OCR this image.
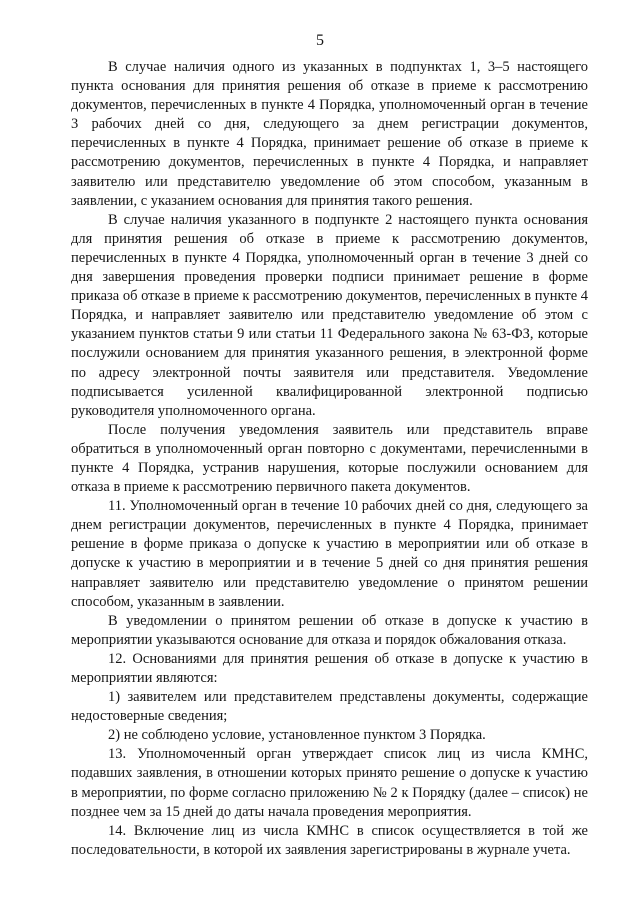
5

В случае наличия одного из указанных в подпунктах 1, 3–5 настоящего пункта основания для принятия решения об отказе в приеме к рассмотрению документов, перечисленных в пункте 4 Порядка, уполномоченный орган в течение 3 рабочих дней со дня, следующего за днем регистрации документов, перечисленных в пункте 4 Порядка, принимает решение об отказе в приеме к рассмотрению документов, перечисленных в пункте 4 Порядка, и направляет заявителю или представителю уведомление об этом способом, указанным в заявлении, с указанием основания для принятия такого решения.

В случае наличия указанного в подпункте 2 настоящего пункта основания для принятия решения об отказе в приеме к рассмотрению документов, перечисленных в пункте 4 Порядка, уполномоченный орган в течение 3 дней со дня завершения проведения проверки подписи принимает решение в форме приказа об отказе в приеме к рассмотрению документов, перечисленных в пункте 4 Порядка, и направляет заявителю или представителю уведомление об этом с указанием пунктов статьи 9 или статьи 11 Федерального закона № 63-ФЗ, которые послужили основанием для принятия указанного решения, в электронной форме по адресу электронной почты заявителя или представителя. Уведомление подписывается усиленной квалифицированной электронной подписью руководителя уполномоченного органа.

После получения уведомления заявитель или представитель вправе обратиться в уполномоченный орган повторно с документами, перечисленными в пункте 4 Порядка, устранив нарушения, которые послужили основанием для отказа в приеме к рассмотрению первичного пакета документов.

11. Уполномоченный орган в течение 10 рабочих дней со дня, следующего за днем регистрации документов, перечисленных в пункте 4 Порядка, принимает решение в форме приказа о допуске к участию в мероприятии или об отказе в допуске к участию в мероприятии и в течение 5 дней со дня принятия решения направляет заявителю или представителю уведомление о принятом решении способом, указанным в заявлении.

В уведомлении о принятом решении об отказе в допуске к участию в мероприятии указываются основание для отказа и порядок обжалования отказа.

12. Основаниями для принятия решения об отказе в допуске к участию в мероприятии являются:

1) заявителем или представителем представлены документы, содержащие недостоверные сведения;

2) не соблюдено условие, установленное пунктом 3 Порядка.

13. Уполномоченный орган утверждает список лиц из числа КМНС, подавших заявления, в отношении которых принято решение о допуске к участию в мероприятии, по форме согласно приложению № 2 к Порядку (далее – список) не позднее чем за 15 дней до даты начала проведения мероприятия.

14. Включение лиц из числа КМНС в список осуществляется в той же последовательности, в которой их заявления зарегистрированы в журнале учета.
